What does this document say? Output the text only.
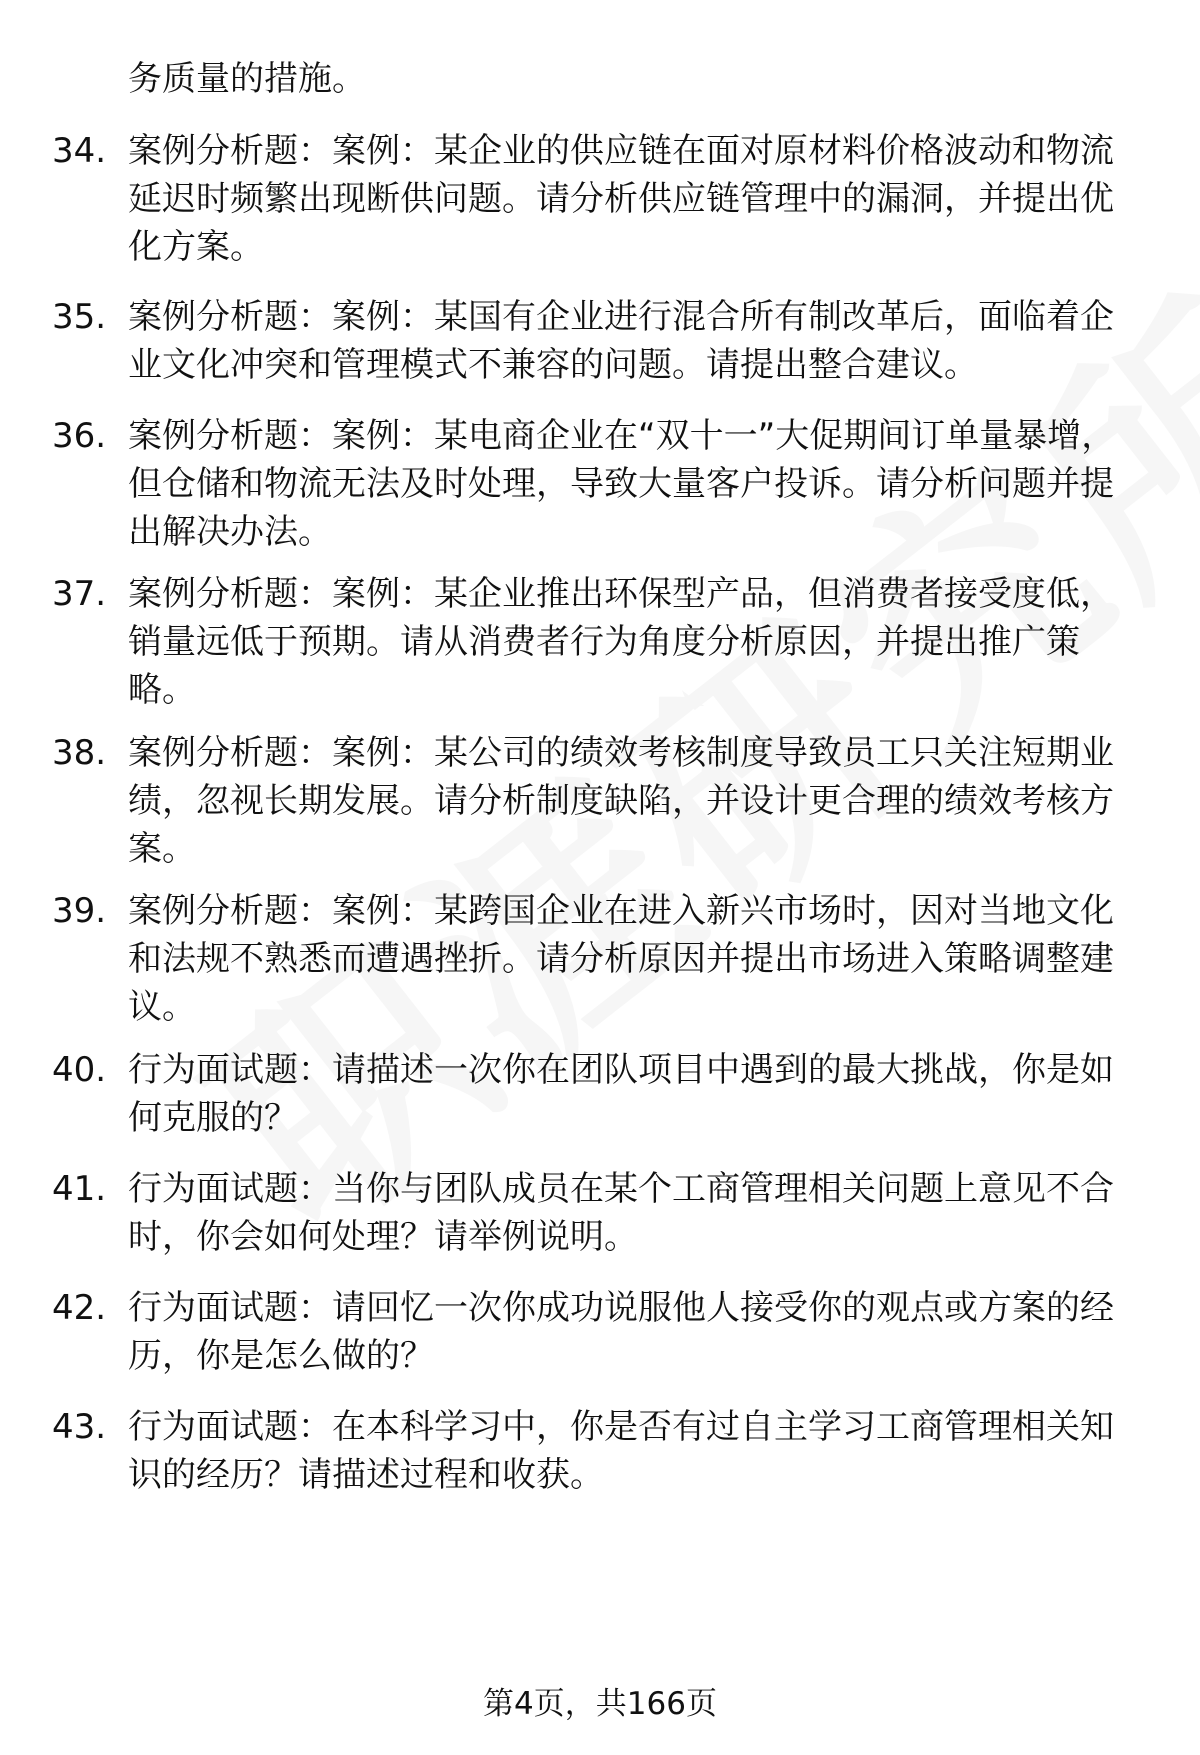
务质量的措施。

34. 案例分析题：案例：某企业的供应链在面对原材料价格波动和物流延迟时频繁出现断供问题。请分析供应链管理中的漏洞，并提出优化方案。

35. 案例分析题：案例：某国有企业进行混合所有制改革后，面临着企业文化冲突和管理模式不兼容的问题。请提出整合建议。

36. 案例分析题：案例：某电商企业在“双十一”大促期间订单量暴增，但仓储和物流无法及时处理，导致大量客户投诉。请分析问题并提出解决办法。

37. 案例分析题：案例：某企业推出环保型产品，但消费者接受度低，销量远低于预期。请从消费者行为角度分析原因，并提出推广策略。

38. 案例分析题：案例：某公司的绩效考核制度导致员工只关注短期业绩，忽视长期发展。请分析制度缺陷，并设计更合理的绩效考核方案。

39. 案例分析题：案例：某跨国企业在进入新兴市场时，因对当地文化和法规不熟悉而遭遇挫折。请分析原因并提出市场进入策略调整建议。

40. 行为面试题：请描述一次你在团队项目中遇到的最大挑战，你是如何克服的？

41. 行为面试题：当你与团队成员在某个工商管理相关问题上意见不合时，你会如何处理？请举例说明。

42. 行为面试题：请回忆一次你成功说服他人接受你的观点或方案的经历，你是怎么做的？

43. 行为面试题：在本科学习中，你是否有过自主学习工商管理相关知识的经历？请描述过程和收获。

第4页，共166页
